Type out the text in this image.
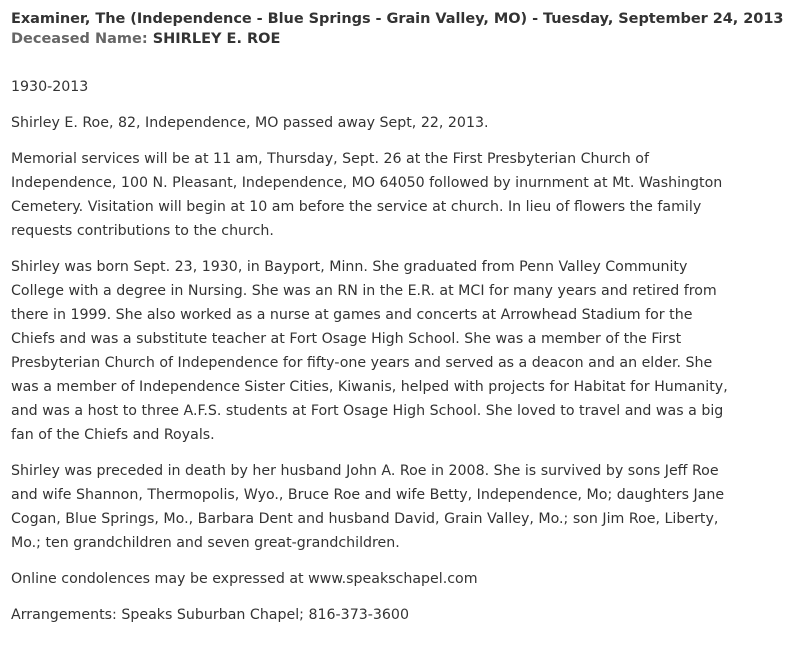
Examiner, The (Independence - Blue Springs - Grain Valley, MO) - Tuesday, September 24, 2013
Deceased Name: SHIRLEY E. ROE

1930-2013

Shirley E. Roe, 82, Independence, MO passed away Sept, 22, 2013.

Memorial services will be at 11 am, Thursday, Sept. 26 at the First Presbyterian Church of Independence, 100 N. Pleasant, Independence, MO 64050 followed by inurnment at Mt. Washington Cemetery. Visitation will begin at 10 am before the service at church. In lieu of flowers the family requests contributions to the church.

Shirley was born Sept. 23, 1930, in Bayport, Minn. She graduated from Penn Valley Community College with a degree in Nursing. She was an RN in the E.R. at MCI for many years and retired from there in 1999. She also worked as a nurse at games and concerts at Arrowhead Stadium for the Chiefs and was a substitute teacher at Fort Osage High School. She was a member of the First Presbyterian Church of Independence for fifty-one years and served as a deacon and an elder. She was a member of Independence Sister Cities, Kiwanis, helped with projects for Habitat for Humanity, and was a host to three A.F.S. students at Fort Osage High School. She loved to travel and was a big fan of the Chiefs and Royals.

Shirley was preceded in death by her husband John A. Roe in 2008. She is survived by sons Jeff Roe and wife Shannon, Thermopolis, Wyo., Bruce Roe and wife Betty, Independence, Mo; daughters Jane Cogan, Blue Springs, Mo., Barbara Dent and husband David, Grain Valley, Mo.; son Jim Roe, Liberty, Mo.; ten grandchildren and seven great-grandchildren.

Online condolences may be expressed at www.speakschapel.com

Arrangements: Speaks Suburban Chapel; 816-373-3600
